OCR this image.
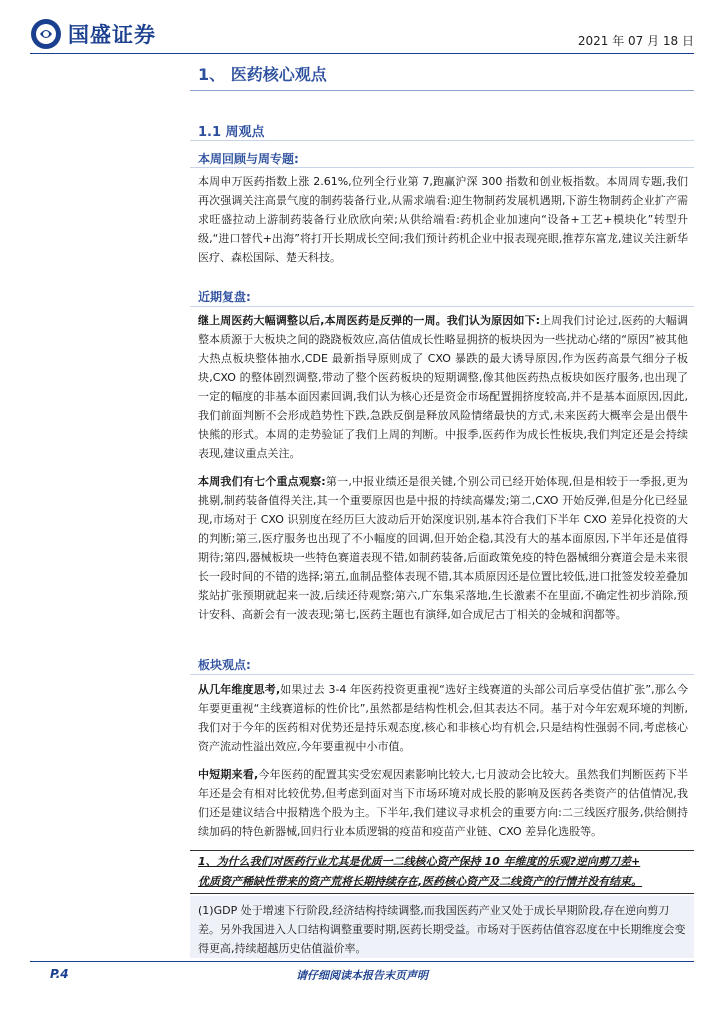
国盛证券	2021 年 07 月 18 日
1、 医药核心观点
1.1 周观点
本周回顾与周专题:
本周申万医药指数上涨 2.61%,位列全行业第 7,跑赢沪深 300 指数和创业板指数。本周周专题,我们再次强调关注高景气度的制药装备行业,从需求端看:迎生物制药发展机遇期,下游生物制药企业扩产需求旺盛拉动上游制药装备行业欣欣向荣;从供给端看:药机企业加速向“设备+工艺+模块化”转型升级,“进口替代+出海”将打开长期成长空间;我们预计药机企业中报表现亮眼,推荐东富龙,建议关注新华医疗、森松国际、楚天科技。
近期复盘:
继上周医药大幅调整以后,本周医药是反弹的一周。我们认为原因如下:上周我们讨论过,医药的大幅调整本质源于大板块之间的跷跷板效应,高估值成长性略显拥挤的板块因为一些扰动心绪的“原因”被其他大热点板块整体抽水,CDE 最新指导原则成了 CXO 暴跌的最大诱导原因,作为医药高景气细分子板块,CXO 的整体剧烈调整,带动了整个医药板块的短期调整,像其他医药热点板块如医疗服务,也出现了一定的幅度的非基本面因素回调,我们认为核心还是资金市场配置拥挤度较高,并不是基本面原因,因此,我们前面判断不会形成趋势性下跌,急跌反倒是释放风险情绪最快的方式,未来医药大概率会是出偎牛快熊的形式。本周的走势验证了我们上周的判断。中报季,医药作为成长性板块,我们判定还是会持续表现,建议重点关注。
本周我们有七个重点观察:第一,中报业绩还是很关键,个别公司已经开始体现,但是相较于一季报,更为挑剔,制药装备值得关注,其一个重要原因也是中报的持续高爆发;第二,CXO 开始反弹,但是分化已经显现,市场对于 CXO 识别度在经历巨大波动后开始深度识别,基本符合我们下半年 CXO 差异化投资的大的判断;第三,医疗服务也出现了不小幅度的回调,但开始企稳,其没有大的基本面原因,下半年还是值得期待;第四,器械板块一些特色赛道表现不错,如制药装备,后面政策免疫的特色器械细分赛道会是未来很长一段时间的不错的选择;第五,血制品整体表现不错,其本质原因还是位置比较低,进口批签发较差叠加浆站扩张预期就起来一波,后续还待观察;第六,广东集采落地,生长激素不在里面,不确定性初步消除,预计安科、高新会有一波表现;第七,医药主题也有演绎,如合成尼古丁相关的金城和润都等。
板块观点:
从几年维度思考,如果过去 3-4 年医药投资更重视“选好主线赛道的头部公司后享受估值扩张”,那么今年要更重视“主线赛道标的性价比”,虽然都是结构性机会,但其表达不同。基于对今年宏观环境的判断,我们对于今年的医药相对优势还是持乐观态度,核心和非核心均有机会,只是结构性强弱不同,考虑核心资产流动性溢出效应,今年要重视中小市值。
中短期来看,今年医药的配置其实受宏观因素影响比较大,七月波动会比较大。虽然我们判断医药下半年还是会有相对比较优势,但考虑到面对当下市场环境对成长股的影响及医药各类资产的估值情况,我们还是建议结合中报精选个股为主。下半年,我们建议寻求机会的重要方向:二三线医疗服务,供给侧持续加码的特色新器械,回归行业本质逻辑的疫苗和疫苗产业链、CXO 差异化选股等。
1、为什么我们对医药行业尤其是优质一二线核心资产保持 10 年维度的乐观?逆向剪刀差+
优质资产稀缺性带来的资产荒将长期持续存在,医药核心资产及二线资产的行情并没有结束。
(1)GDP 处于增速下行阶段,经济结构持续调整,而我国医药产业又处于成长早期阶段,存在逆向剪刀差。另外我国进入人口结构调整重要时期,医药长期受益。市场对于医药估值容忍度在中长期维度会变得更高,持续超越历史估值溢价率。
P.4	请仔细阅读本报告末页声明
